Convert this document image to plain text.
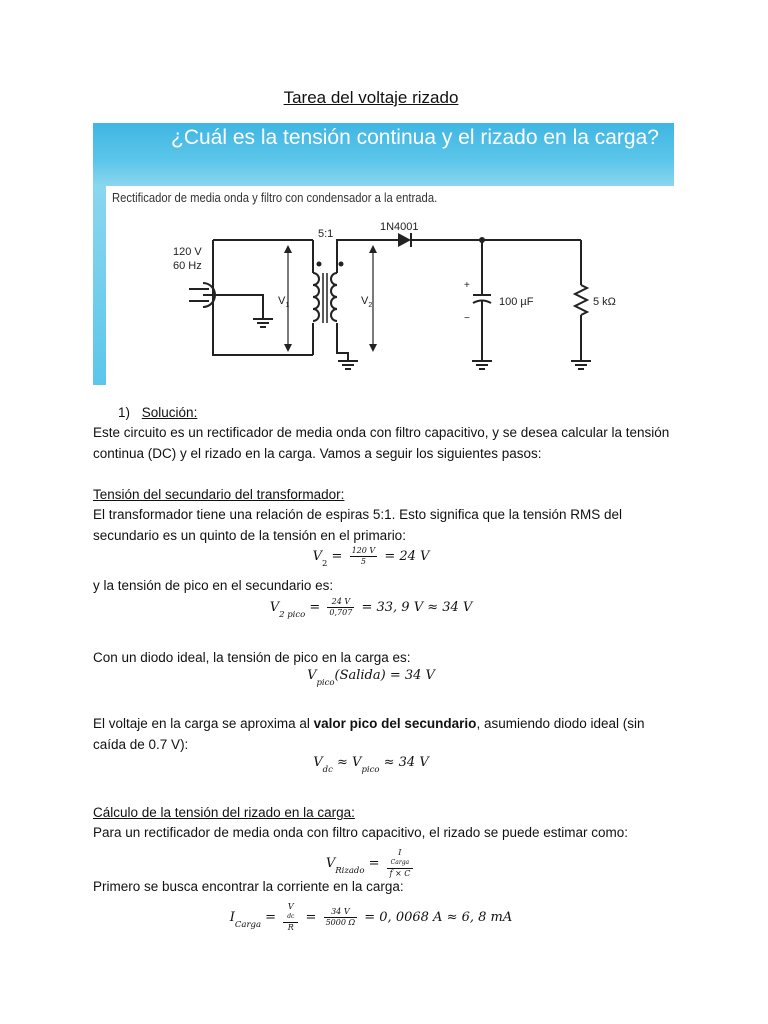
Tarea del voltaje rizado
¿Cuál es la tensión continua y el rizado en la carga?
Rectificador de media onda y filtro con condensador a la entrada.
120 V
60 Hz
5:1
1N4001
$V_1$	$V_2$
+
−
100 µF	5 kΩ
1) Solución:
Este circuito es un rectificador de media onda con filtro capacitivo, y se desea calcular la tensión continua (DC) y el rizado en la carga. Vamos a seguir los siguientes pasos:
Tensión del secundario del transformador:
El transformador tiene una relación de espiras 5:1. Esto significa que la tensión RMS del secundario es un quinto de la tensión en el primario:
$V_2 = \frac{120 V}{5} = 24$ V
y la tensión de pico en el secundario es:
$V_{2 pico} = \frac{24 V}{0,707} = 33$, 9 V ≈ 34 V
Con un diodo ideal, la tensión de pico en la carga es:
$V_{pico}(Salida) = 34$ V
El voltaje en la carga se aproxima al valor pico del secundario, asumiendo diodo ideal (sin caída de 0.7 V):
$V_{dc} \approx V_{pico} \approx 34$ V
Cálculo de la tensión del rizado en la carga:
Para un rectificador de media onda con filtro capacitivo, el rizado se puede estimar como:
$V_{Rizado} = I$
Carga
f × C
Primero se busca encontrar la corriente en la carga:
$I_{Carga} = V$
dc
$R = \frac{34 V}{5000 \Omega} = 0$, 0068 A ≈ 6, 8 mA
